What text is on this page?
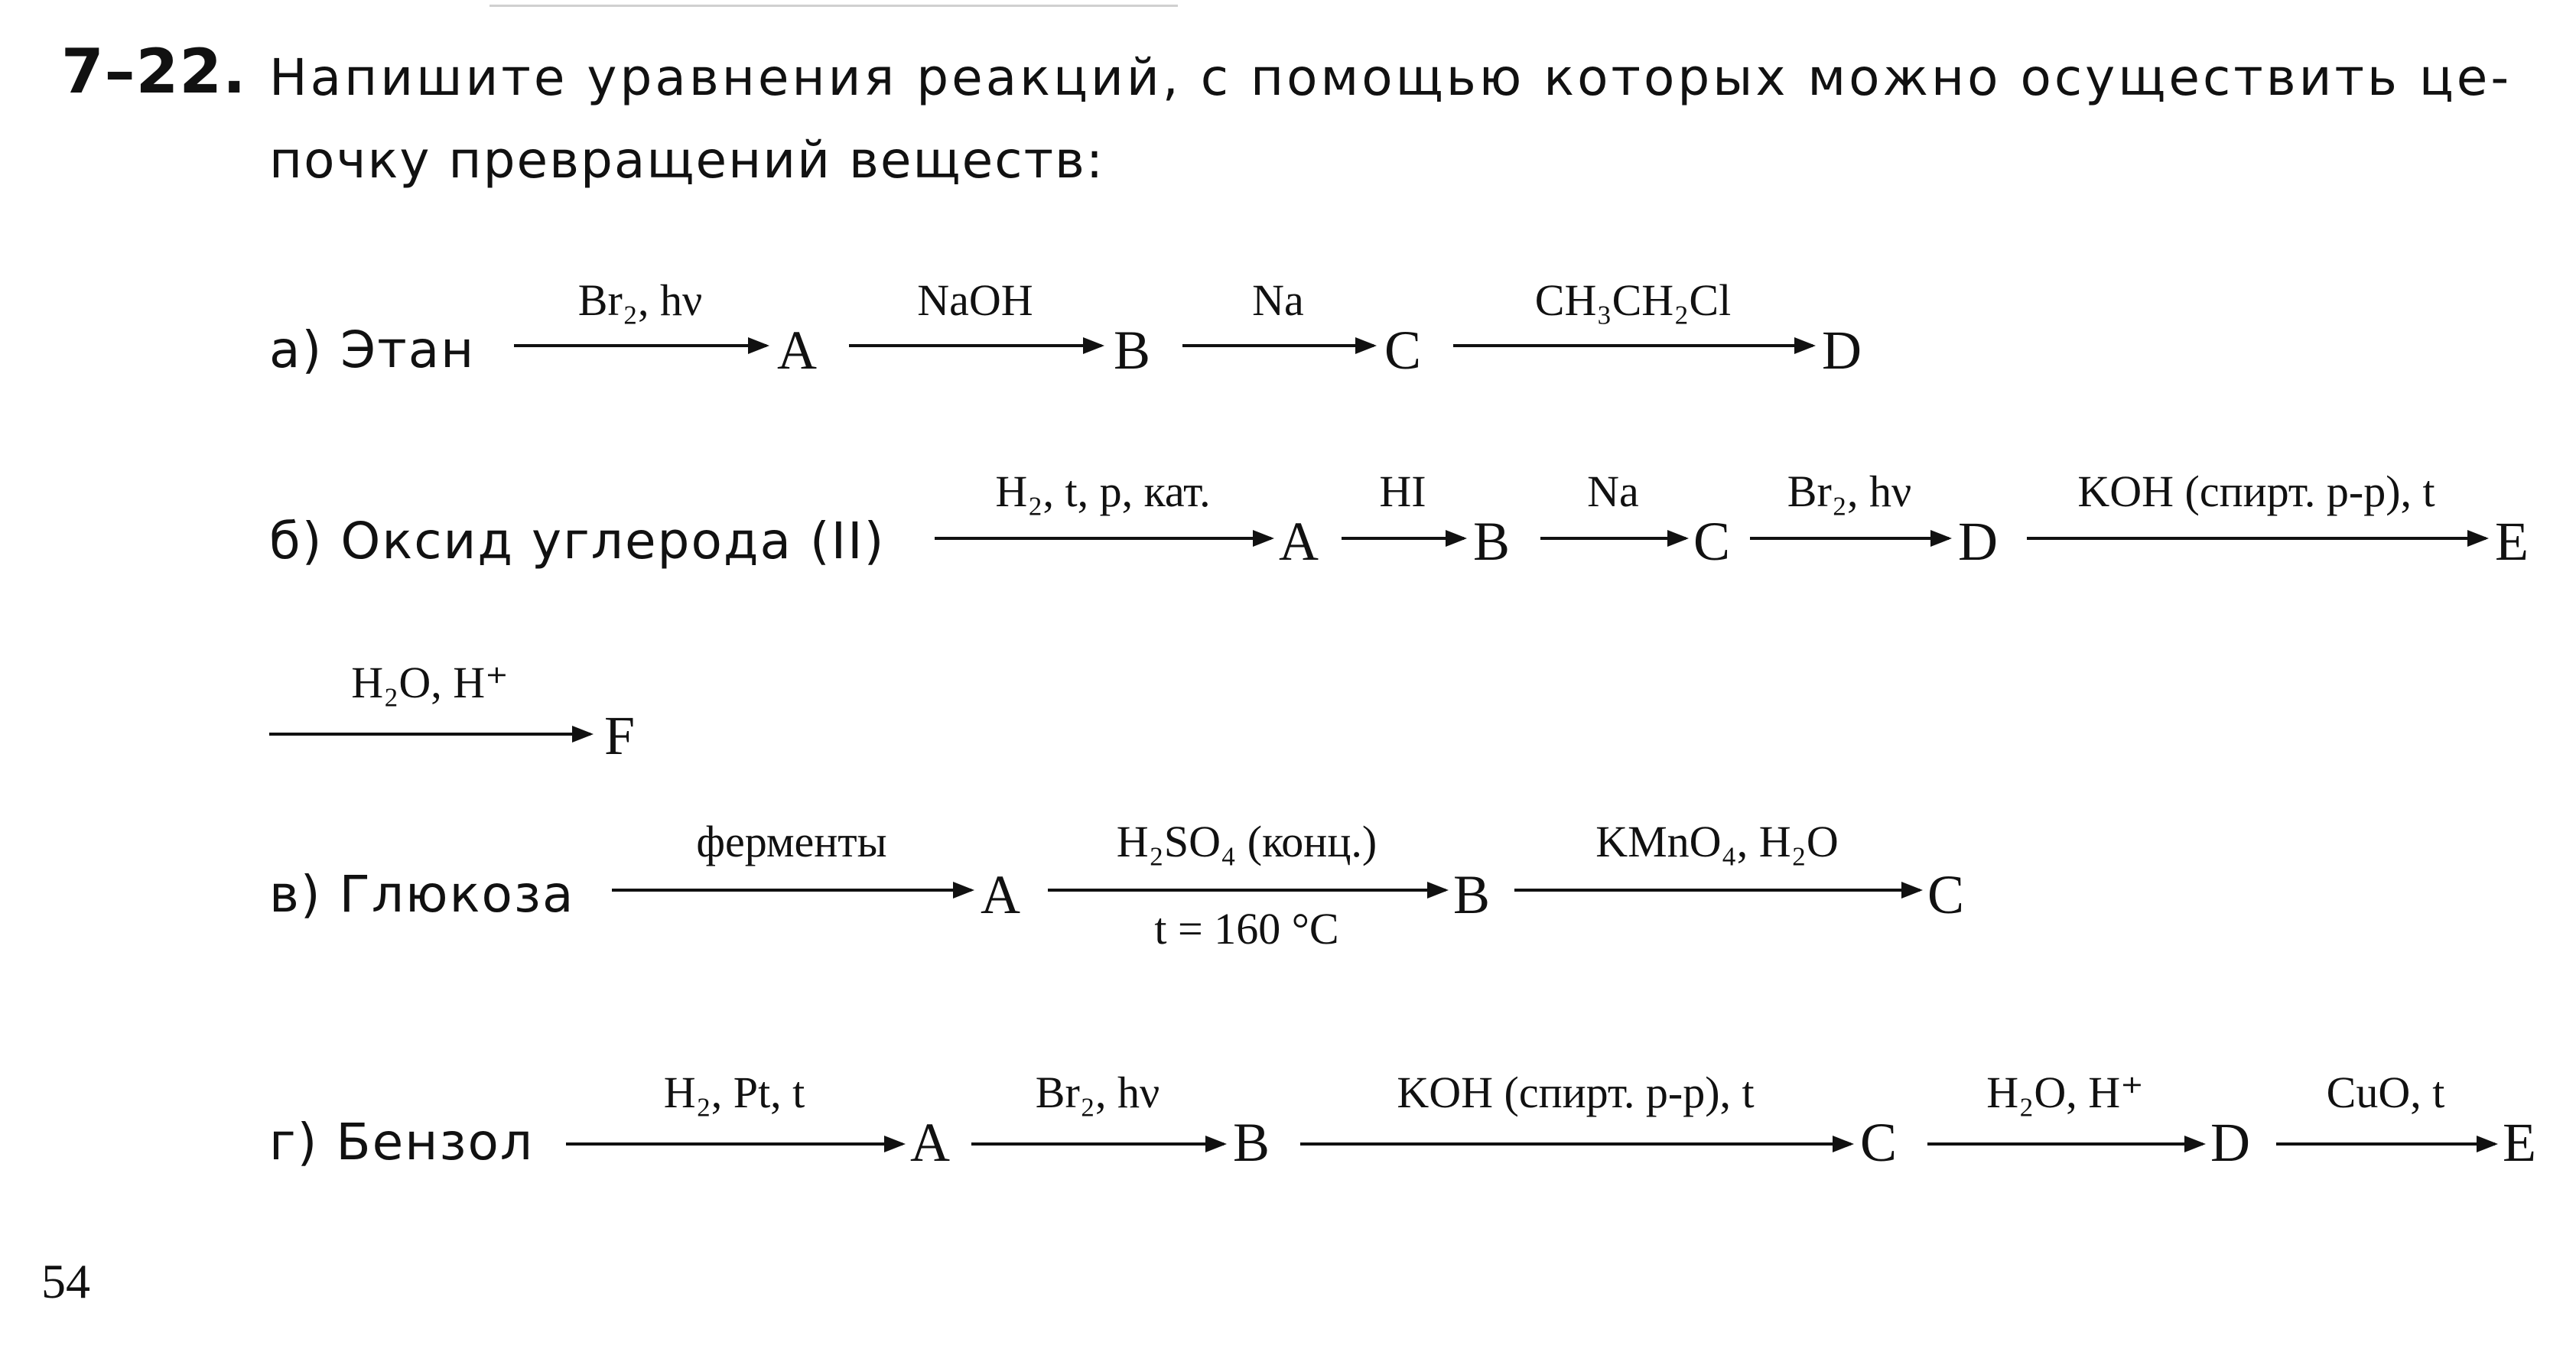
7–22. Напишите уравнения реакций, с помощью которых можно осуществить це-
почку превращений веществ:
а) Этан
Br₂, hν
A
NaOH
B
Na
C
CH₃CH₂Cl
D
б) Оксид углерода (II)
H₂, t, p, кат.
A
HI
B
Na
C
Br₂, hν
D
KOH (спирт. р-р), t
E
H₂O, H⁺
F
в) Глюкоза
ферменты
A
H₂SO₄ (конц.)
t = 160 °C
B
KMnO₄, H₂O
C
г) Бензол
H₂, Pt, t
A
Br₂, hν
B
KOH (спирт. р-р), t
C
H₂O, H⁺
D
CuO, t
E
54
